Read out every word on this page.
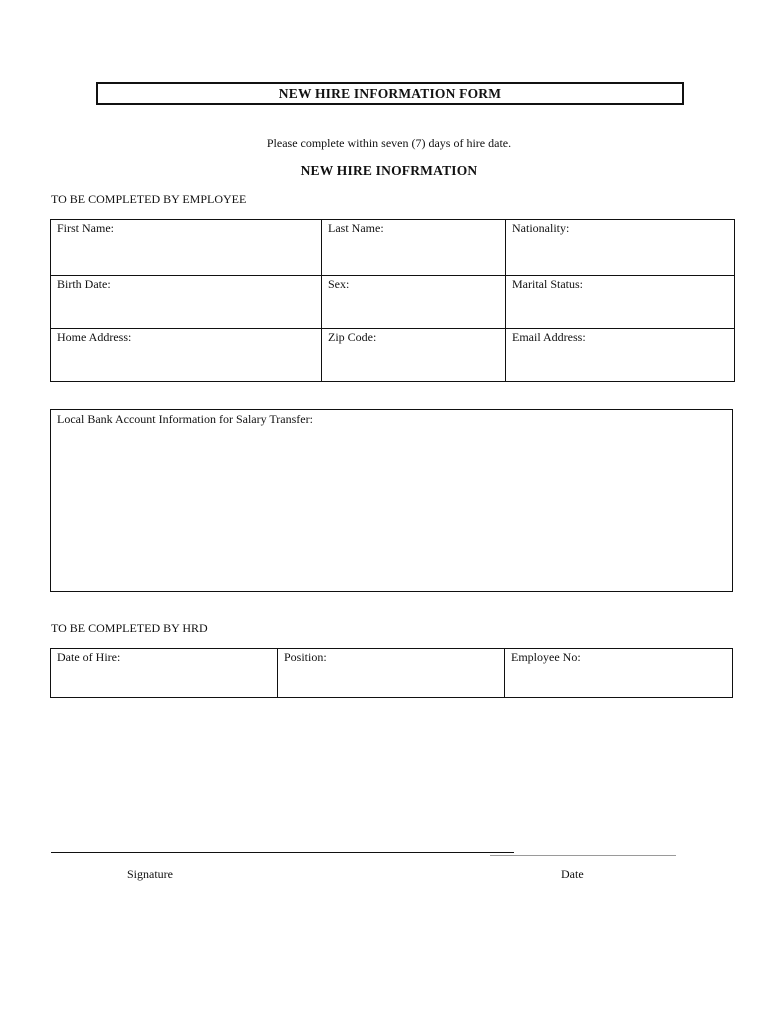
NEW HIRE INFORMATION FORM
Please complete within seven (7) days of hire date.
NEW HIRE INOFRMATION
TO BE COMPLETED BY EMPLOYEE
First Name:	Last Name:	Nationality:
Birth Date:	Sex:	Marital Status:
Home Address:	Zip Code:	Email Address:
Local Bank Account Information for Salary Transfer:
TO BE COMPLETED BY HRD
Date of Hire:	Position:	Employee No:
Signature	Date
